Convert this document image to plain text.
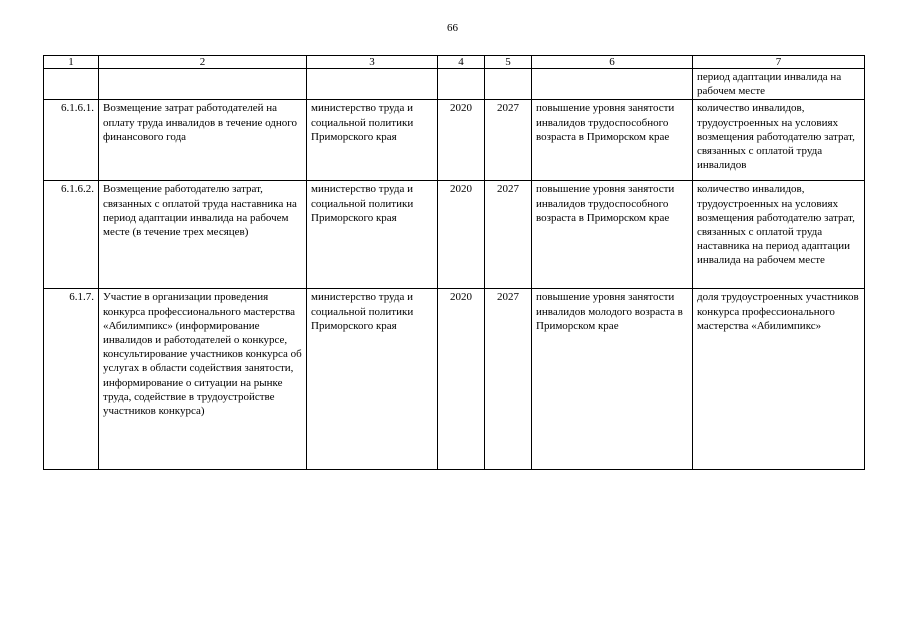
66
1	2	3	4	5	6	7
						период адаптации инвалида на рабочем месте
6.1.6.1.	Возмещение затрат работодателей на оплату труда инвалидов в течение одного финансового года	министерство труда и социальной политики Приморского края	2020	2027	повышение уровня занятости инвалидов трудоспособного возраста в Приморском крае	количество инвалидов, трудоустроенных на условиях возмещения работодателю затрат, связанных с оплатой труда инвалидов
6.1.6.2.	Возмещение работодателю затрат, связанных с оплатой труда наставника на период адаптации инвалида на рабочем месте (в течение трех месяцев)	министерство труда и социальной политики Приморского края	2020	2027	повышение уровня занятости инвалидов трудоспособного возраста в Приморском крае	количество инвалидов, трудоустроенных на условиях возмещения работодателю затрат, связанных с оплатой труда наставника на период адаптации инвалида на рабочем месте
6.1.7.	Участие в организации проведения конкурса профессионального мастерства «Абилимпикс» (информирование инвалидов и работодателей о конкурсе, консультирование участников конкурса об услугах в области содействия занятости, информирование о ситуации на рынке труда, содействие в трудоустройстве участников конкурса)	министерство труда и социальной политики Приморского края	2020	2027	повышение уровня занятости инвалидов молодого возраста в Приморском крае	доля трудоустроенных участников конкурса профессионального мастерства «Абилимпикс»
